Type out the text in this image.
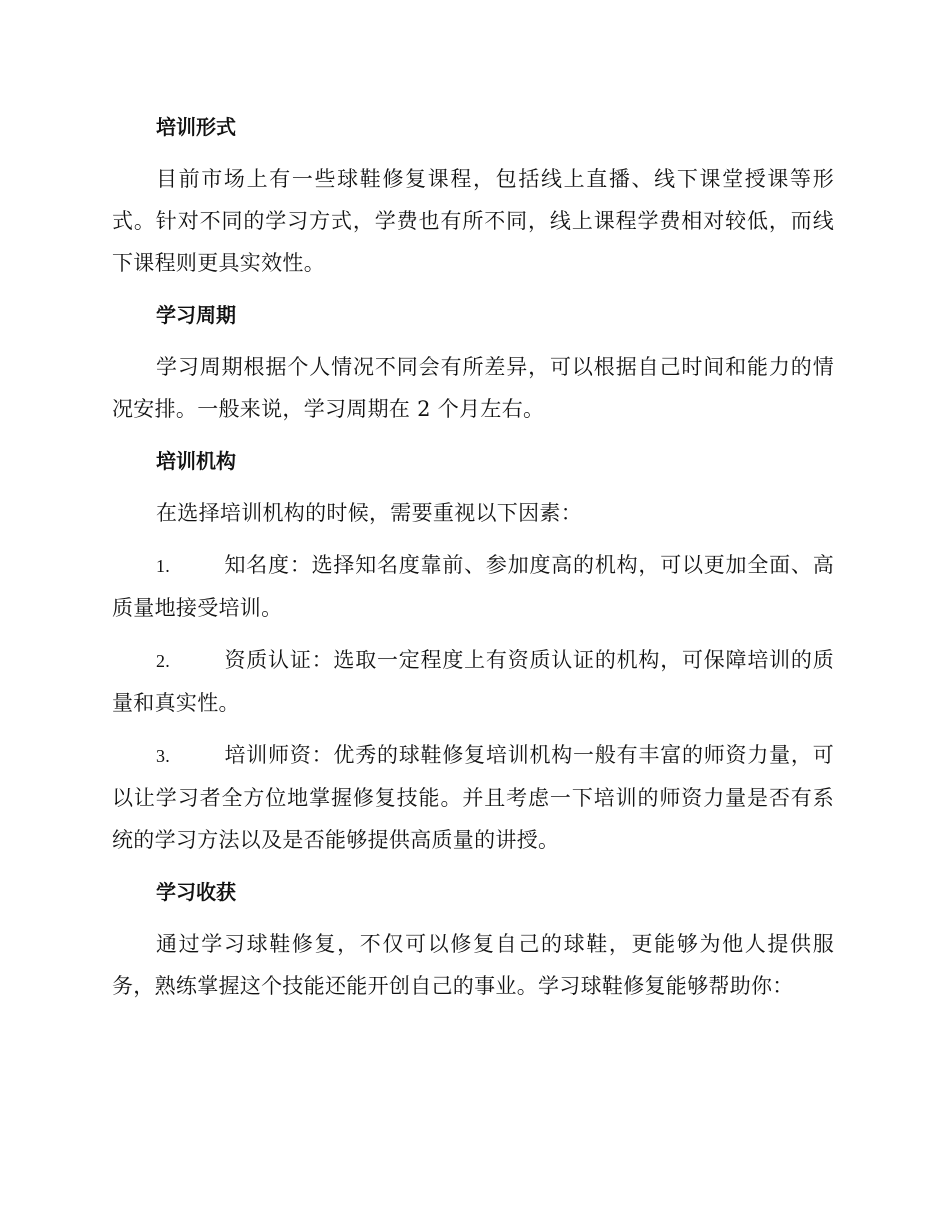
培训形式

目前市场上有一些球鞋修复课程，包括线上直播、线下课堂授课等形式。针对不同的学习方式，学费也有所不同，线上课程学费相对较低，而线下课程则更具实效性。

学习周期

学习周期根据个人情况不同会有所差异，可以根据自己时间和能力的情况安排。一般来说，学习周期在 2 个月左右。

培训机构

在选择培训机构的时候，需要重视以下因素：

1.	知名度：选择知名度靠前、参加度高的机构，可以更加全面、高质量地接受培训。

2.	资质认证：选取一定程度上有资质认证的机构，可保障培训的质量和真实性。

3.	培训师资：优秀的球鞋修复培训机构一般有丰富的师资力量，可以让学习者全方位地掌握修复技能。并且考虑一下培训的师资力量是否有系统的学习方法以及是否能够提供高质量的讲授。

学习收获

通过学习球鞋修复，不仅可以修复自己的球鞋，更能够为他人提供服务，熟练掌握这个技能还能开创自己的事业。学习球鞋修复能够帮助你：
